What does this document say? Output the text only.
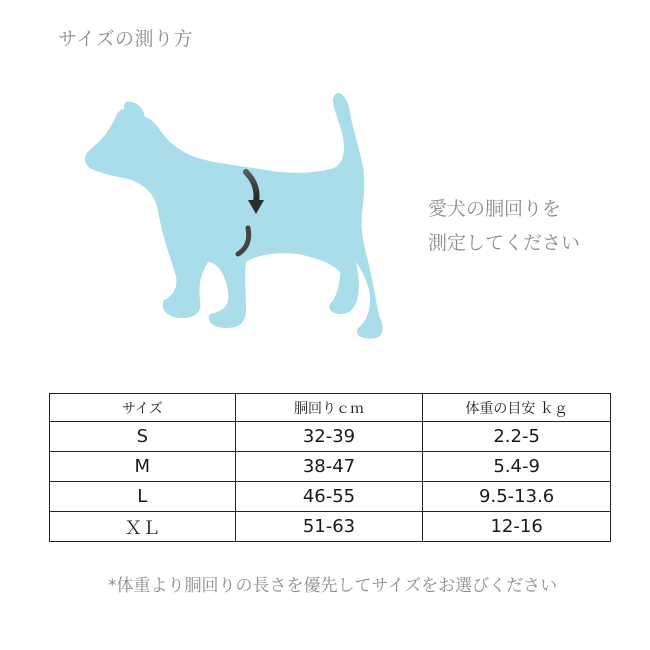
サイズの測り方
愛犬の胴回りを
測定してください
サイズ	胴回りｃｍ	体重の目安 ｋｇ
S	32-39	2.2-5
M	38-47	5.4-9
L	46-55	9.5-13.6
ＸＬ	51-63	12-16
*体重より胴回りの長さを優先してサイズをお選びください
